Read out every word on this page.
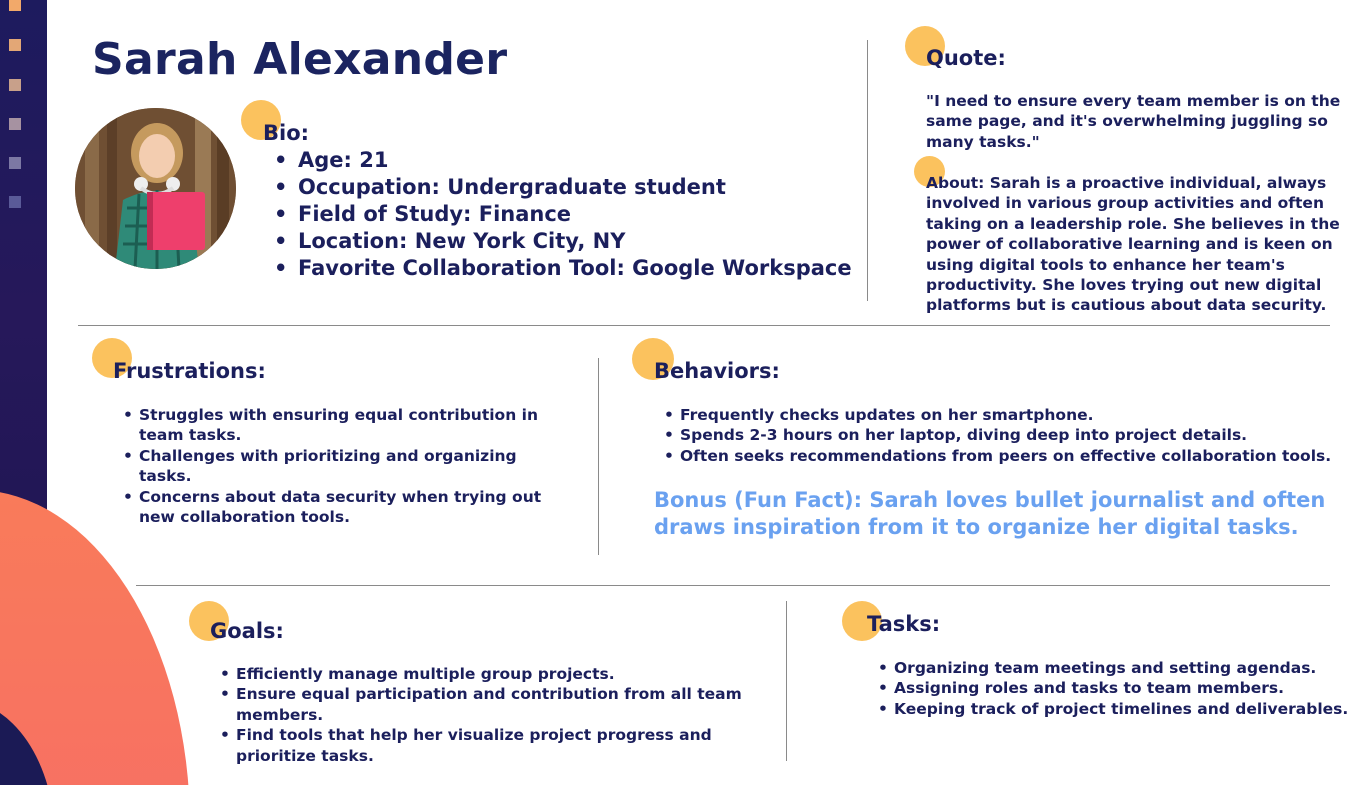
Sarah Alexander
Bio:
• Age: 21
• Occupation: Undergraduate student
• Field of Study: Finance
• Location: New York City, NY
• Favorite Collaboration Tool: Google Workspace
Quote:
"I need to ensure every team member is on the same page, and it's overwhelming juggling so many tasks."
About: Sarah is a proactive individual, always involved in various group activities and often taking on a leadership role. She believes in the power of collaborative learning and is keen on using digital tools to enhance her team's productivity. She loves trying out new digital platforms but is cautious about data security.
Frustrations:
• Struggles with ensuring equal contribution in team tasks.
• Challenges with prioritizing and organizing tasks.
• Concerns about data security when trying out new collaboration tools.
Behaviors:
• Frequently checks updates on her smartphone.
• Spends 2-3 hours on her laptop, diving deep into project details.
• Often seeks recommendations from peers on effective collaboration tools.
Bonus (Fun Fact): Sarah loves bullet journalist and often draws inspiration from it to organize her digital tasks.
Goals:
• Efficiently manage multiple group projects.
• Ensure equal participation and contribution from all team members.
• Find tools that help her visualize project progress and prioritize tasks.
Tasks:
• Organizing team meetings and setting agendas.
• Assigning roles and tasks to team members.
• Keeping track of project timelines and deliverables.
